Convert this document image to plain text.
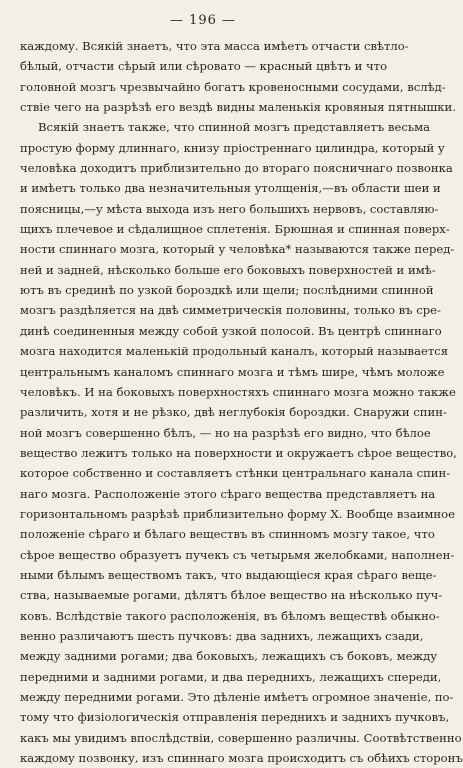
— 196 —
каждому. Всякій знаетъ, что эта масса имѣетъ отчасти свѣтло-
бѣлый, отчасти сѣрый или сѣровато — красный цвѣтъ и что
головной мозгъ чрезвычайно богатъ кровеносными сосудами, вслѣд-
ствіе чего на разрѣзѣ его вездѣ видны маленькія кровяныя пятнышки.
Всякій знаетъ также, что спинной мозгъ представляетъ весьма
простую форму длиннаго, книзу пріостреннаго цилиндра, который у
человѣка доходитъ приблизительно до втораго поясничнаго позвонка
и имѣетъ только два незначительныя утолщенія,—въ области шеи и
поясницы,—у мѣста выхода изъ него большихъ нервовъ, составляю-
щихъ плечевое и сѣдалищное сплетенія. Брюшная и спинная поверх-
ности спиннаго мозга, который у человѣка* называются также перед-
ней и задней, нѣсколько больше его боковыхъ поверхностей и имѣ-
ютъ въ срединѣ по узкой бороздкѣ или щели; послѣдними спинной
мозгъ раздѣляется на двѣ симметрическія половины, только въ сре-
динѣ соединенныя между собой узкой полосой. Въ центрѣ спиннаго
мозга находится маленькій продольный каналъ, который называется
центральнымъ каналомъ спиннаго мозга и тѣмъ шире, чѣмъ моложе
человѣкъ. И на боковыхъ поверхностяхъ спиннаго мозга можно также
различить, хотя и не рѣзко, двѣ неглубокія бороздки. Снаружи спин-
ной мозгъ совершенно бѣлъ, — но на разрѣзѣ его видно, что бѣлое
вещество лежитъ только на поверхности и окружаетъ сѣрое вещество,
которое собственно и составляетъ стѣнки центральнаго канала спин-
наго мозга. Расположеніе этого сѣраго вещества представляетъ на
горизонтальномъ разрѣзѣ приблизительно форму X. Вообще взаимное
положеніе сѣраго и бѣлаго веществъ въ спинномъ мозгу такое, что
сѣрое вещество образуетъ пучекъ съ четырьмя желобками, наполнен-
ными бѣлымъ веществомъ такъ, что выдающіеся края сѣраго веще-
ства, называемые рогами, дѣлятъ бѣлое вещество на нѣсколько пуч-
ковъ. Вслѣдствіе такого расположенія, въ бѣломъ веществѣ обыкно-
венно различаютъ шесть пучковъ: два заднихъ, лежащихъ сзади,
между задними рогами; два боковыхъ, лежащихъ съ боковъ, между
передними и задними рогами, и два переднихъ, лежащихъ спереди,
между передними рогами. Это дѣленіе имѣетъ огромное значеніе, по-
тому что физіологическія отправленія переднихъ и заднихъ пучковъ,
какъ мы увидимъ впослѣдствіи, совершенно различны. Соотвѣтственно
каждому позвонку, изъ спиннаго мозга происходитъ съ обѣихъ сторонъ
